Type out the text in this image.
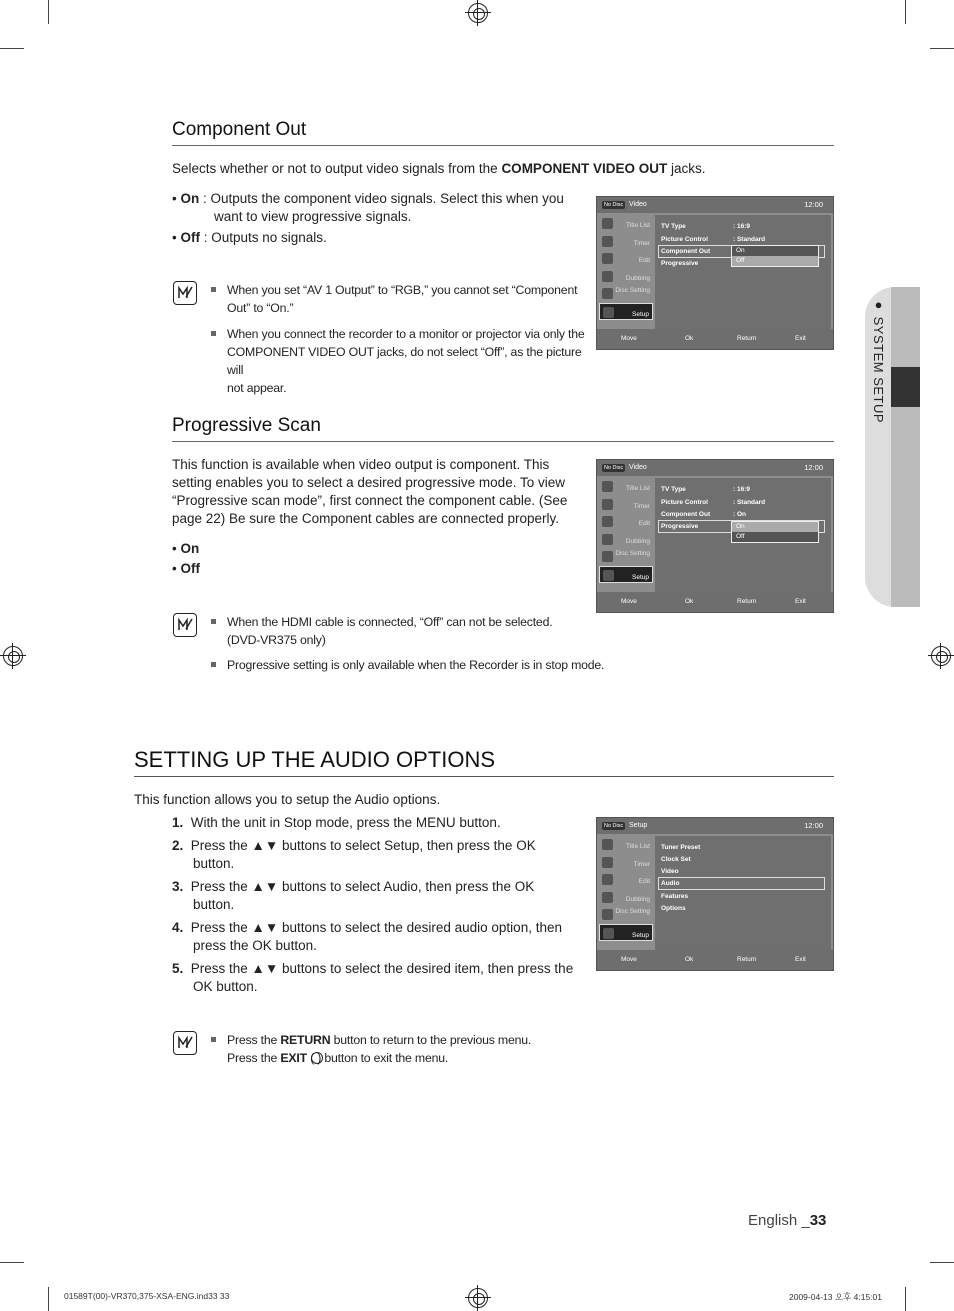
Component Out
Selects whether or not to output video signals from the COMPONENT VIDEO OUT jacks.
• On : Outputs the component video signals. Select this when you
want to view progressive signals.
• Off : Outputs no signals.
When you set “AV 1 Output” to “RGB,” you cannot set “Component
Out” to “On.”
When you connect the recorder to a monitor or projector via only the
COMPONENT VIDEO OUT jacks, do not select “Off”, as the picture will
not appear.
No Disc Video	12:00
Title List
Timer
Edit
Dubbing
Disc Setting
Setup
TV Type	: 16:9
Picture Control	: Standard
Component Out
Progressive
On
Off
Move	Ok	Return	Exit
Progressive Scan
This function is available when video output is component. This
setting enables you to select a desired progressive mode. To view
“Progressive scan mode”, first connect the component cable. (See
page 22) Be sure the Component cables are connected properly.
• On
• Off
When the HDMI cable is connected, “Off” can not be selected.
(DVD-VR375 only)
Progressive setting is only available when the Recorder is in stop mode.
No Disc Video	12:00
Title List
Timer
Edit
Dubbing
Disc Setting
Setup
TV Type	: 16:9
Picture Control	: Standard
Component Out	: On
Progressive	On
Off
Move	Ok	Return	Exit
SETTING UP THE AUDIO OPTIONS
This function allows you to setup the Audio options.
1. With the unit in Stop mode, press the MENU button.
2. Press the ▲▼ buttons to select Setup, then press the OK
button.
3. Press the ▲▼ buttons to select Audio, then press the OK
button.
4. Press the ▲▼ buttons to select the desired audio option, then
press the OK button.
5. Press the ▲▼ buttons to select the desired item, then press the
OK button.
Press the RETURN button to return to the previous menu.
Press the EXIT ( ) button to exit the menu.
No Disc Setup	12:00
Title List
Timer
Edit
Dubbing
Disc Setting
Setup
Tuner Preset
Clock Set
Video
Audio
Features
Options
Move	Ok	Return	Exit
● SYSTEM SETUP
English _33
01589T(00)-VR370,375-XSA-ENG.ind33 33	2009-04-13 오후 4:15:01
